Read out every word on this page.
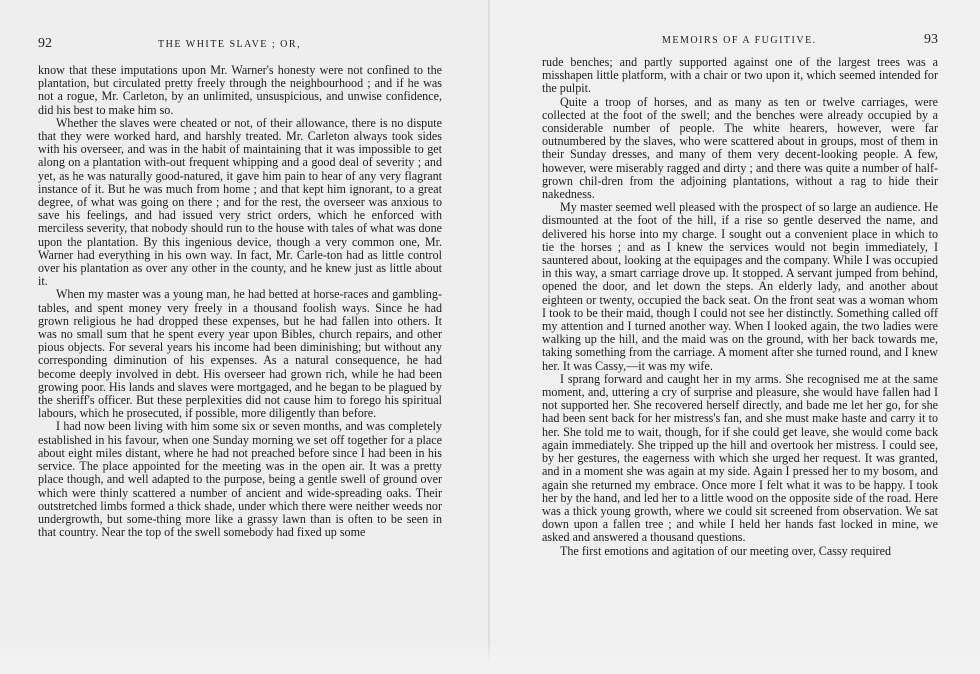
92	THE WHITE SLAVE ; OR,

know that these imputations upon Mr. Warner's honesty were not confined to the plantation, but circulated pretty freely through the neighbourhood ; and if he was not a rogue, Mr. Carleton, by an unlimited, unsuspicious, and unwise confidence, did his best to make him so.

Whether the slaves were cheated or not, of their allowance, there is no dispute that they were worked hard, and harshly treated. Mr. Carleton always took sides with his overseer, and was in the habit of maintaining that it was impossible to get along on a plantation with-out frequent whipping and a good deal of severity ; and yet, as he was naturally good-natured, it gave him pain to hear of any very flagrant instance of it. But he was much from home ; and that kept him ignorant, to a great degree, of what was going on there ; and for the rest, the overseer was anxious to save his feelings, and had issued very strict orders, which he enforced with merciless severity, that nobody should run to the house with tales of what was done upon the plantation. By this ingenious device, though a very common one, Mr. Warner had everything in his own way. In fact, Mr. Carle-ton had as little control over his plantation as over any other in the county, and he knew just as little about it.

When my master was a young man, he had betted at horse-races and gambling-tables, and spent money very freely in a thousand foolish ways. Since he had grown religious he had dropped these expenses, but he had fallen into others. It was no small sum that he spent every year upon Bibles, church repairs, and other pious objects. For several years his income had been diminishing; but without any corresponding diminution of his expenses. As a natural consequence, he had become deeply involved in debt. His overseer had grown rich, while he had been growing poor. His lands and slaves were mortgaged, and he began to be plagued by the sheriff's officer. But these perplexities did not cause him to forego his spiritual labours, which he prosecuted, if possible, more diligently than before.

I had now been living with him some six or seven months, and was completely established in his favour, when one Sunday morning we set off together for a place about eight miles distant, where he had not preached before since I had been in his service. The place appointed for the meeting was in the open air. It was a pretty place though, and well adapted to the purpose, being a gentle swell of ground over which were thinly scattered a number of ancient and wide-spreading oaks. Their outstretched limbs formed a thick shade, under which there were neither weeds nor undergrowth, but some-thing more like a grassy lawn than is often to be seen in that country. Near the top of the swell somebody had fixed up some

MEMOIRS OF A FUGITIVE.	93

rude benches; and partly supported against one of the largest trees was a misshapen little platform, with a chair or two upon it, which seemed intended for the pulpit.

Quite a troop of horses, and as many as ten or twelve carriages, were collected at the foot of the swell; and the benches were already occupied by a considerable number of people. The white hearers, however, were far outnumbered by the slaves, who were scattered about in groups, most of them in their Sunday dresses, and many of them very decent-looking people. A few, however, were miserably ragged and dirty ; and there was quite a number of half-grown chil-dren from the adjoining plantations, without a rag to hide their nakedness.

My master seemed well pleased with the prospect of so large an audience. He dismounted at the foot of the hill, if a rise so gentle deserved the name, and delivered his horse into my charge. I sought out a convenient place in which to tie the horses ; and as I knew the services would not begin immediately, I sauntered about, looking at the equipages and the company. While I was occupied in this way, a smart carriage drove up. It stopped. A servant jumped from behind, opened the door, and let down the steps. An elderly lady, and another about eighteen or twenty, occupied the back seat. On the front seat was a woman whom I took to be their maid, though I could not see her distinctly. Something called off my attention and I turned another way. When I looked again, the two ladies were walking up the hill, and the maid was on the ground, with her back towards me, taking something from the carriage. A moment after she turned round, and I knew her. It was Cassy,—it was my wife.

I sprang forward and caught her in my arms. She recognised me at the same moment, and, uttering a cry of surprise and pleasure, she would have fallen had I not supported her. She recovered herself directly, and bade me let her go, for she had been sent back for her mistress's fan, and she must make haste and carry it to her. She told me to wait, though, for if she could get leave, she would come back again immediately. She tripped up the hill and overtook her mistress. I could see, by her gestures, the eagerness with which she urged her request. It was granted, and in a moment she was again at my side. Again I pressed her to my bosom, and again she returned my embrace. Once more I felt what it was to be happy. I took her by the hand, and led her to a little wood on the opposite side of the road. Here was a thick young growth, where we could sit screened from observation. We sat down upon a fallen tree ; and while I held her hands fast locked in mine, we asked and answered a thousand questions.

The first emotions and agitation of our meeting over, Cassy required
